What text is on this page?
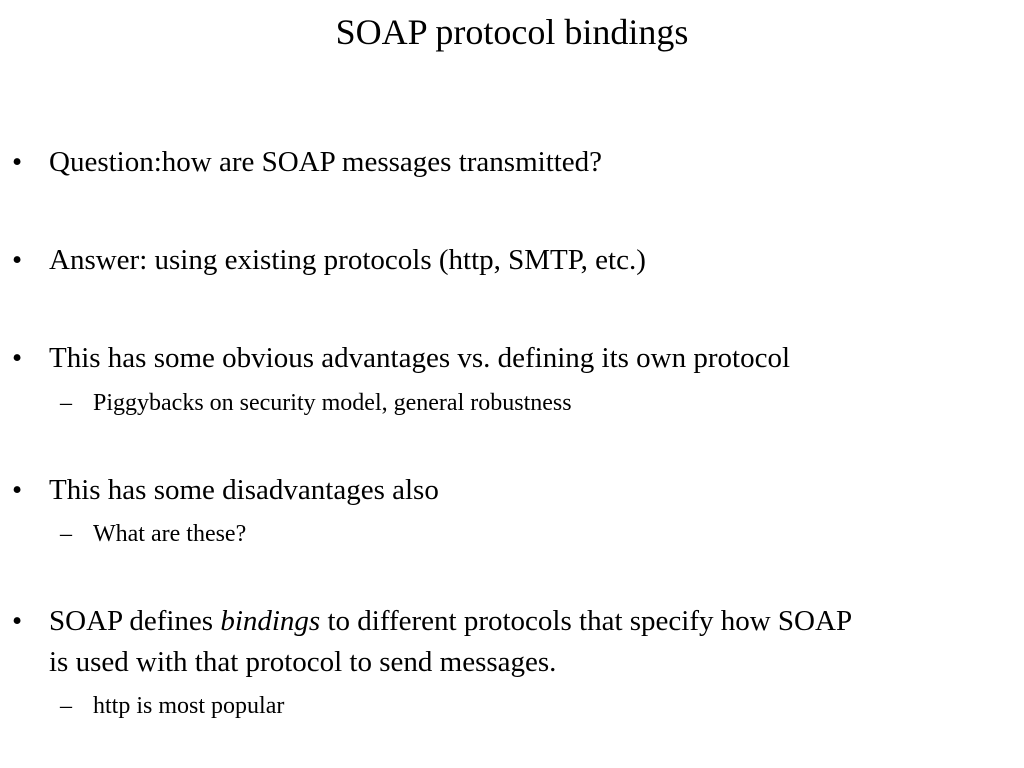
SOAP protocol bindings
• Question:how are SOAP messages transmitted?
• Answer: using existing protocols (http, SMTP, etc.)
• This has some obvious advantages vs. defining its own protocol
– Piggybacks on security model, general robustness
• This has some disadvantages also
– What are these?
• SOAP defines bindings to different protocols that specify how SOAP
is used with that protocol to send messages.
– http is most popular
